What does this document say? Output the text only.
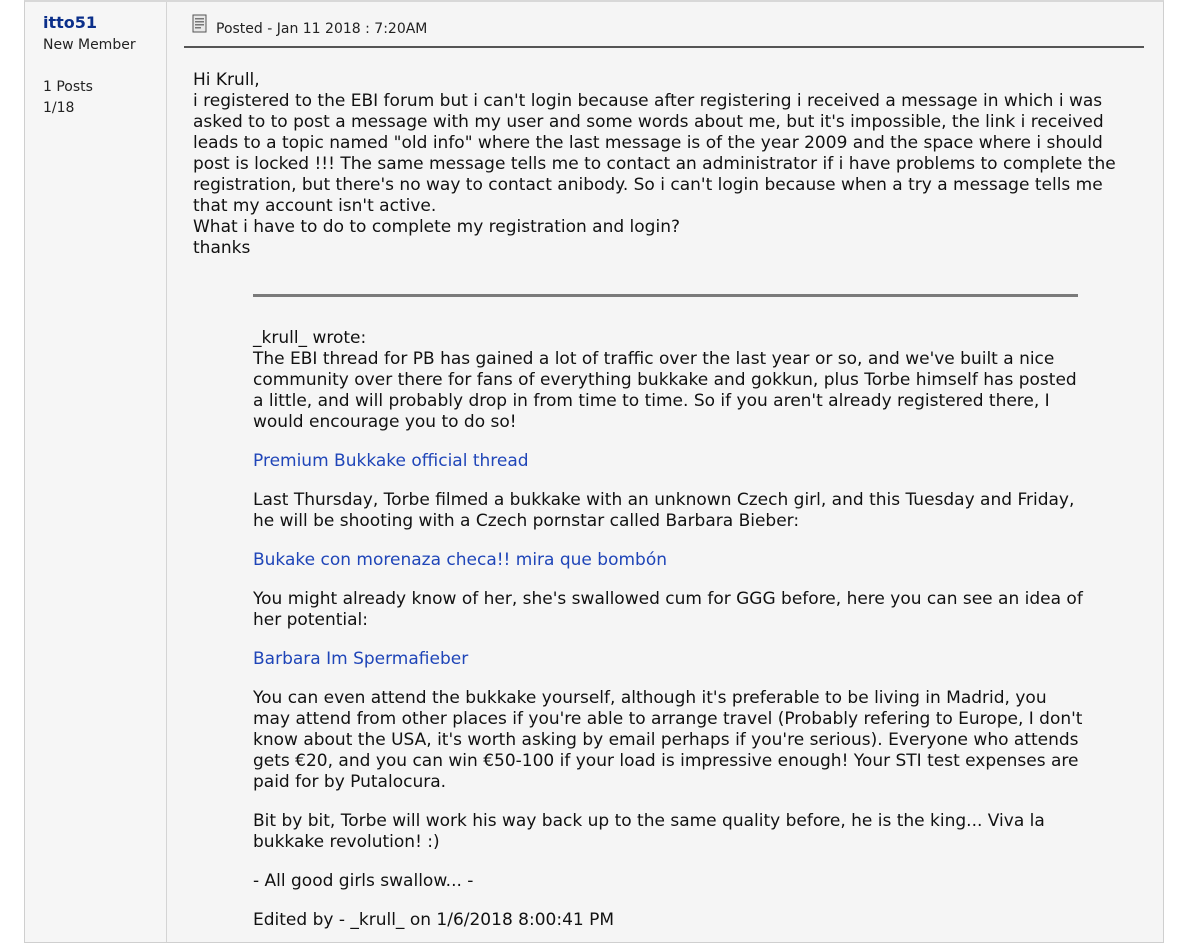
itto51
New Member
1 Posts
1/18
Posted - Jan 11 2018 : 7:20AM

Hi Krull,

i registered to the EBI forum but i can't login because after registering i received a message in which i was asked to to post a message with my user and some words about me, but it's impossible, the link i received leads to a topic named "old info" where the last message is of the year 2009 and the space where i should post is locked !!! The same message tells me to contact an administrator if i have problems to complete the registration, but there's no way to contact anibody. So i can't login because when a try a message tells me that my account isn't active.

What i have to do to complete my registration and login?

thanks

_krull_ wrote:

The EBI thread for PB has gained a lot of traffic over the last year or so, and we've built a nice community over there for fans of everything bukkake and gokkun, plus Torbe himself has posted a little, and will probably drop in from time to time. So if you aren't already registered there, I would encourage you to do so!

Premium Bukkake official thread

Last Thursday, Torbe filmed a bukkake with an unknown Czech girl, and this Tuesday and Friday, he will be shooting with a Czech pornstar called Barbara Bieber:

Bukake con morenaza checa!! mira que bombón

You might already know of her, she's swallowed cum for GGG before, here you can see an idea of her potential:

Barbara Im Spermafieber

You can even attend the bukkake yourself, although it's preferable to be living in Madrid, you may attend from other places if you're able to arrange travel (Probably refering to Europe, I don't know about the USA, it's worth asking by email perhaps if you're serious). Everyone who attends gets €20, and you can win €50-100 if your load is impressive enough! Your STI test expenses are paid for by Putalocura.

Bit by bit, Torbe will work his way back up to the same quality before, he is the king... Viva la bukkake revolution! :)

- All good girls swallow... -

Edited by - _krull_ on 1/6/2018 8:00:41 PM
